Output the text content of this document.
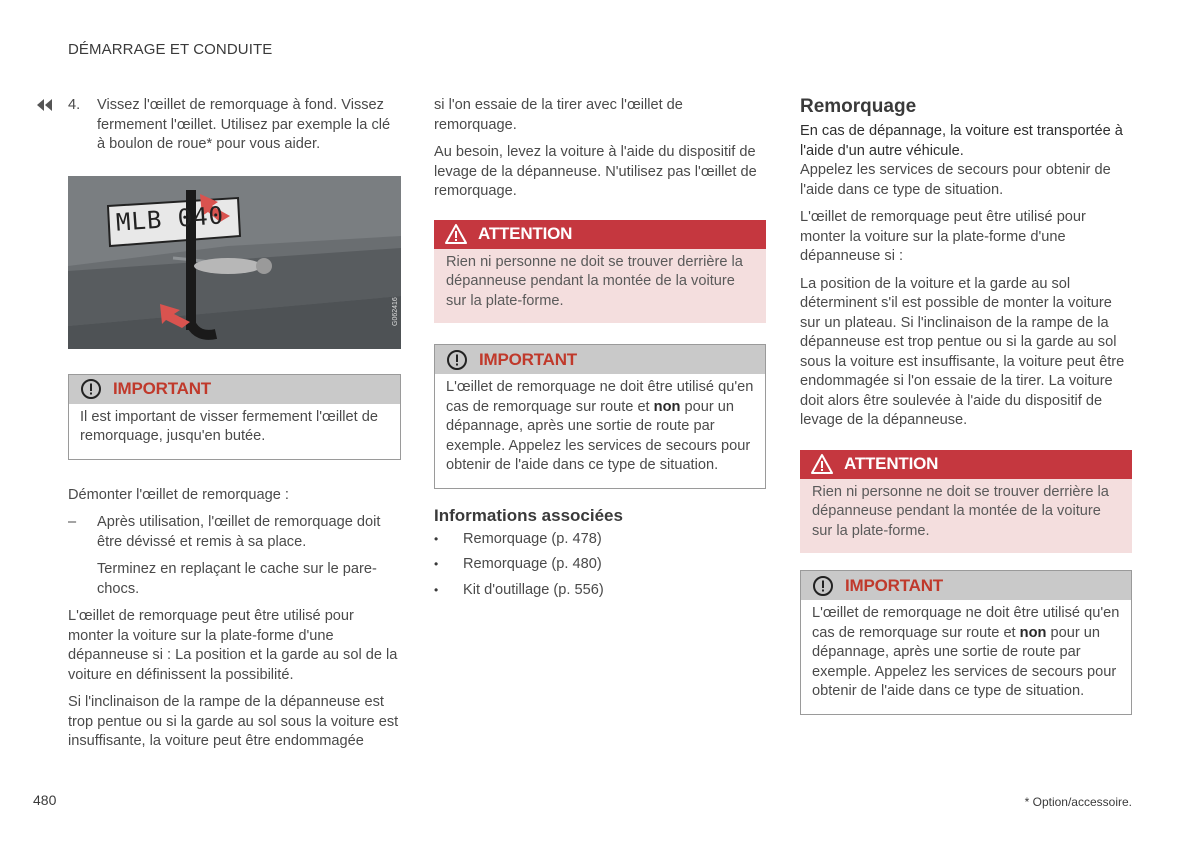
DÉMARRAGE ET CONDUITE
4.	Vissez l'œillet de remorquage à fond. Vissez fermement l'œillet. Utilisez par exemple la clé à boulon de roue* pour vous aider.

MLB 040
G062416
IMPORTANT
Il est important de visser fermement l'œillet de remorquage, jusqu'en butée.

Démonter l'œillet de remorquage :

–	Après utilisation, l'œillet de remorquage doit être dévissé et remis à sa place.

Terminez en replaçant le cache sur le pare-chocs.

L'œillet de remorquage peut être utilisé pour monter la voiture sur la plate-forme d'une dépanneuse si : La position et la garde au sol de la voiture en définissent la possibilité.

Si l'inclinaison de la rampe de la dépanneuse est trop pentue ou si la garde au sol sous la voiture est insuffisante, la voiture peut être endommagée

si l'on essaie de la tirer avec l'œillet de remorquage.

Au besoin, levez la voiture à l'aide du dispositif de levage de la dépanneuse. N'utilisez pas l'œillet de remorquage.

ATTENTION
Rien ni personne ne doit se trouver derrière la dépanneuse pendant la montée de la voiture sur la plate-forme.
IMPORTANT
L'œillet de remorquage ne doit être utilisé qu'en cas de remorquage sur route et non pour un dépannage, après une sortie de route par exemple. Appelez les services de secours pour obtenir de l'aide dans ce type de situation.
Informations associées
•	Remorquage (p. 478)
•	Remorquage (p. 480)
•	Kit d'outillage (p. 556)
Remorquage

En cas de dépannage, la voiture est transportée à l'aide d'un autre véhicule.

Appelez les services de secours pour obtenir de l'aide dans ce type de situation.

L'œillet de remorquage peut être utilisé pour monter la voiture sur la plate-forme d'une dépanneuse si :

La position de la voiture et la garde au sol déterminent s'il est possible de monter la voiture sur un plateau. Si l'inclinaison de la rampe de la dépanneuse est trop pentue ou si la garde au sol sous la voiture est insuffisante, la voiture peut être endommagée si l'on essaie de la tirer. La voiture doit alors être soulevée à l'aide du dispositif de levage de la dépanneuse.

ATTENTION
Rien ni personne ne doit se trouver derrière la dépanneuse pendant la montée de la voiture sur la plate-forme.
IMPORTANT
L'œillet de remorquage ne doit être utilisé qu'en cas de remorquage sur route et non pour un dépannage, après une sortie de route par exemple. Appelez les services de secours pour obtenir de l'aide dans ce type de situation.
480	* Option/accessoire.
